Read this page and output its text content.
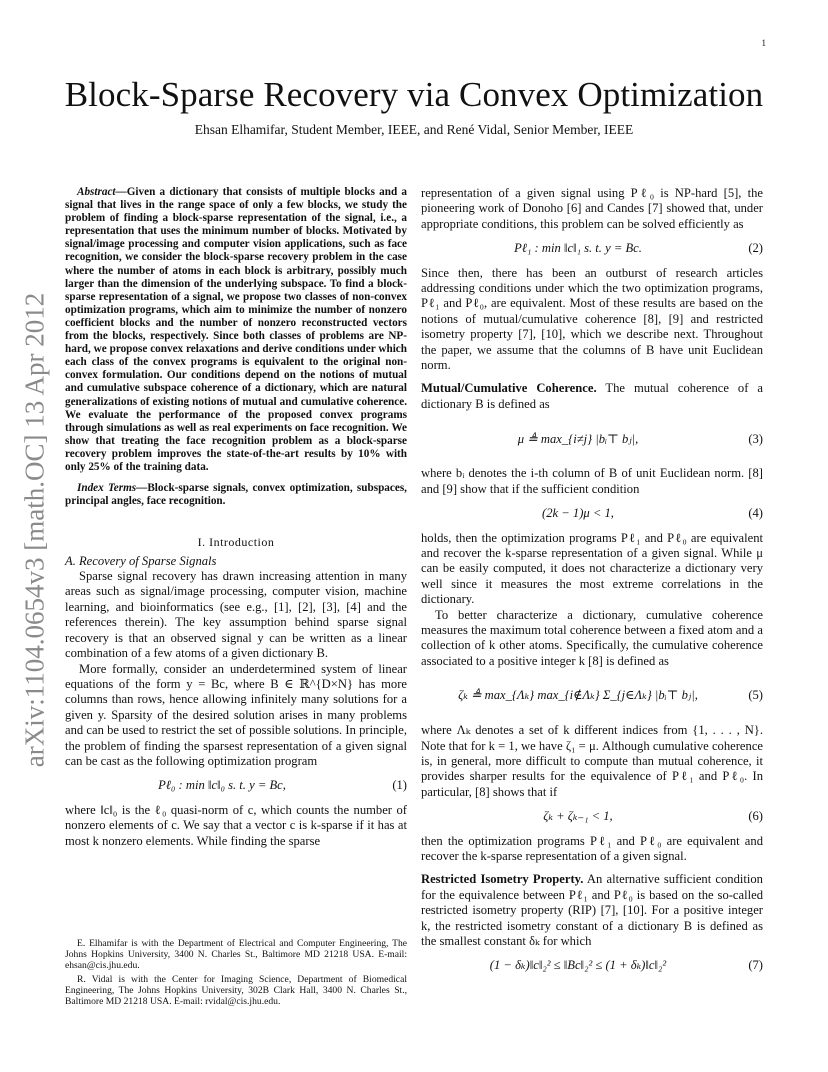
1
arXiv:1104.0654v3 [math.OC] 13 Apr 2012
Block-Sparse Recovery via Convex Optimization
Ehsan Elhamifar, Student Member, IEEE, and René Vidal, Senior Member, IEEE

Abstract—Given a dictionary that consists of multiple blocks and a signal that lives in the range space of only a few blocks, we study the problem of finding a block-sparse representation of the signal, i.e., a representation that uses the minimum number of blocks. Motivated by signal/image processing and computer vision applications, such as face recognition, we consider the block-sparse recovery problem in the case where the number of atoms in each block is arbitrary, possibly much larger than the dimension of the underlying subspace. To find a block-sparse representation of a signal, we propose two classes of non-convex optimization programs, which aim to minimize the number of nonzero coefficient blocks and the number of nonzero reconstructed vectors from the blocks, respectively. Since both classes of problems are NP-hard, we propose convex relaxations and derive conditions under which each class of the convex programs is equivalent to the original non-convex formulation. Our conditions depend on the notions of mutual and cumulative subspace coherence of a dictionary, which are natural generalizations of existing notions of mutual and cumulative coherence. We evaluate the performance of the proposed convex programs through simulations as well as real experiments on face recognition. We show that treating the face recognition problem as a block-sparse recovery problem improves the state-of-the-art results by 10% with only 25% of the training data.

Index Terms—Block-sparse signals, convex optimization, subspaces, principal angles, face recognition.

I. Introduction
A. Recovery of Sparse Signals

Sparse signal recovery has drawn increasing attention in many areas such as signal/image processing, computer vision, machine learning, and bioinformatics (see e.g., [1], [2], [3], [4] and the references therein). The key assumption behind sparse signal recovery is that an observed signal y can be written as a linear combination of a few atoms of a given dictionary B.

More formally, consider an underdetermined system of linear equations of the form y = Bc, where B ∈ ℝ^{D×N} has more columns than rows, hence allowing infinitely many solutions for a given y. Sparsity of the desired solution arises in many problems and can be used to restrict the set of possible solutions. In principle, the problem of finding the sparsest representation of a given signal can be cast as the following optimization program

Pℓ₀ : min ‖c‖₀ s. t. y = Bc,	(1)

where ‖c‖₀ is the ℓ₀ quasi-norm of c, which counts the number of nonzero elements of c. We say that a vector c is k-sparse if it has at most k nonzero elements. While finding the sparse

E. Elhamifar is with the Department of Electrical and Computer Engineering, The Johns Hopkins University, 3400 N. Charles St., Baltimore MD 21218 USA. E-mail: ehsan@cis.jhu.edu.

R. Vidal is with the Center for Imaging Science, Department of Biomedical Engineering, The Johns Hopkins University, 302B Clark Hall, 3400 N. Charles St., Baltimore MD 21218 USA. E-mail: rvidal@cis.jhu.edu.

representation of a given signal using Pℓ₀ is NP-hard [5], the pioneering work of Donoho [6] and Candes [7] showed that, under appropriate conditions, this problem can be solved efficiently as

Pℓ₁ : min ‖c‖₁ s. t. y = Bc.	(2)

Since then, there has been an outburst of research articles addressing conditions under which the two optimization programs, Pℓ₁ and Pℓ₀, are equivalent. Most of these results are based on the notions of mutual/cumulative coherence [8], [9] and restricted isometry property [7], [10], which we describe next. Throughout the paper, we assume that the columns of B have unit Euclidean norm.

Mutual/Cumulative Coherence. The mutual coherence of a dictionary B is defined as

μ ≜ max_{i≠j} |bᵢ⊤ bⱼ|,	(3)

where bᵢ denotes the i-th column of B of unit Euclidean norm. [8] and [9] show that if the sufficient condition

(2k − 1)μ < 1,	(4)

holds, then the optimization programs Pℓ₁ and Pℓ₀ are equivalent and recover the k-sparse representation of a given signal. While μ can be easily computed, it does not characterize a dictionary very well since it measures the most extreme correlations in the dictionary.

To better characterize a dictionary, cumulative coherence measures the maximum total coherence between a fixed atom and a collection of k other atoms. Specifically, the cumulative coherence associated to a positive integer k [8] is defined as

ζₖ ≜ max_{Λₖ} max_{i∉Λₖ} Σ_{j∈Λₖ} |bᵢ⊤ bⱼ|,	(5)

where Λₖ denotes a set of k different indices from {1, . . . , N}. Note that for k = 1, we have ζ₁ = μ. Although cumulative coherence is, in general, more difficult to compute than mutual coherence, it provides sharper results for the equivalence of Pℓ₁ and Pℓ₀. In particular, [8] shows that if

ζₖ + ζₖ₋₁ < 1,	(6)

then the optimization programs Pℓ₁ and Pℓ₀ are equivalent and recover the k-sparse representation of a given signal.

Restricted Isometry Property. An alternative sufficient condition for the equivalence between Pℓ₁ and Pℓ₀ is based on the so-called restricted isometry property (RIP) [7], [10]. For a positive integer k, the restricted isometry constant of a dictionary B is defined as the smallest constant δₖ for which

(1 − δₖ)‖c‖₂² ≤ ‖Bc‖₂² ≤ (1 + δₖ)‖c‖₂²	(7)
